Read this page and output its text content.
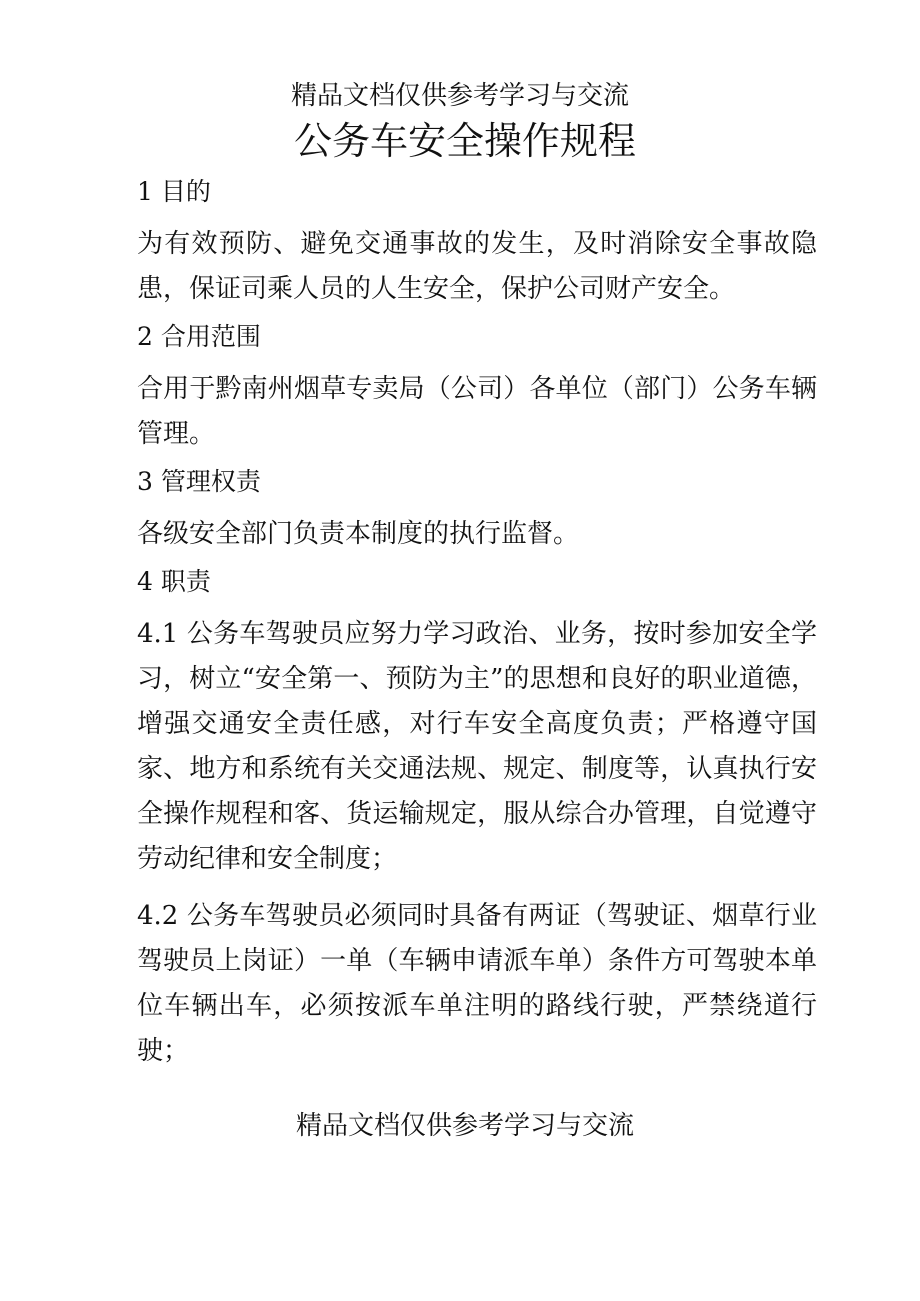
精品文档仅供参考学习与交流
公务车安全操作规程
1 目的

为有效预防、避免交通事故的发生，及时消除安全事故隐患，保证司乘人员的人生安全，保护公司财产安全。

2 合用范围

合用于黔南州烟草专卖局（公司）各单位（部门）公务车辆管理。

3 管理权责

各级安全部门负责本制度的执行监督。

4 职责

4.1 公务车驾驶员应努力学习政治、业务，按时参加安全学习，树立“安全第一、预防为主”的思想和良好的职业道德，增强交通安全责任感，对行车安全高度负责；严格遵守国家、地方和系统有关交通法规、规定、制度等，认真执行安全操作规程和客、货运输规定，服从综合办管理，自觉遵守劳动纪律和安全制度；

4.2 公务车驾驶员必须同时具备有两证（驾驶证、烟草行业驾驶员上岗证）一单（车辆申请派车单）条件方可驾驶本单位车辆出车，必须按派车单注明的路线行驶，严禁绕道行驶；

精品文档仅供参考学习与交流
